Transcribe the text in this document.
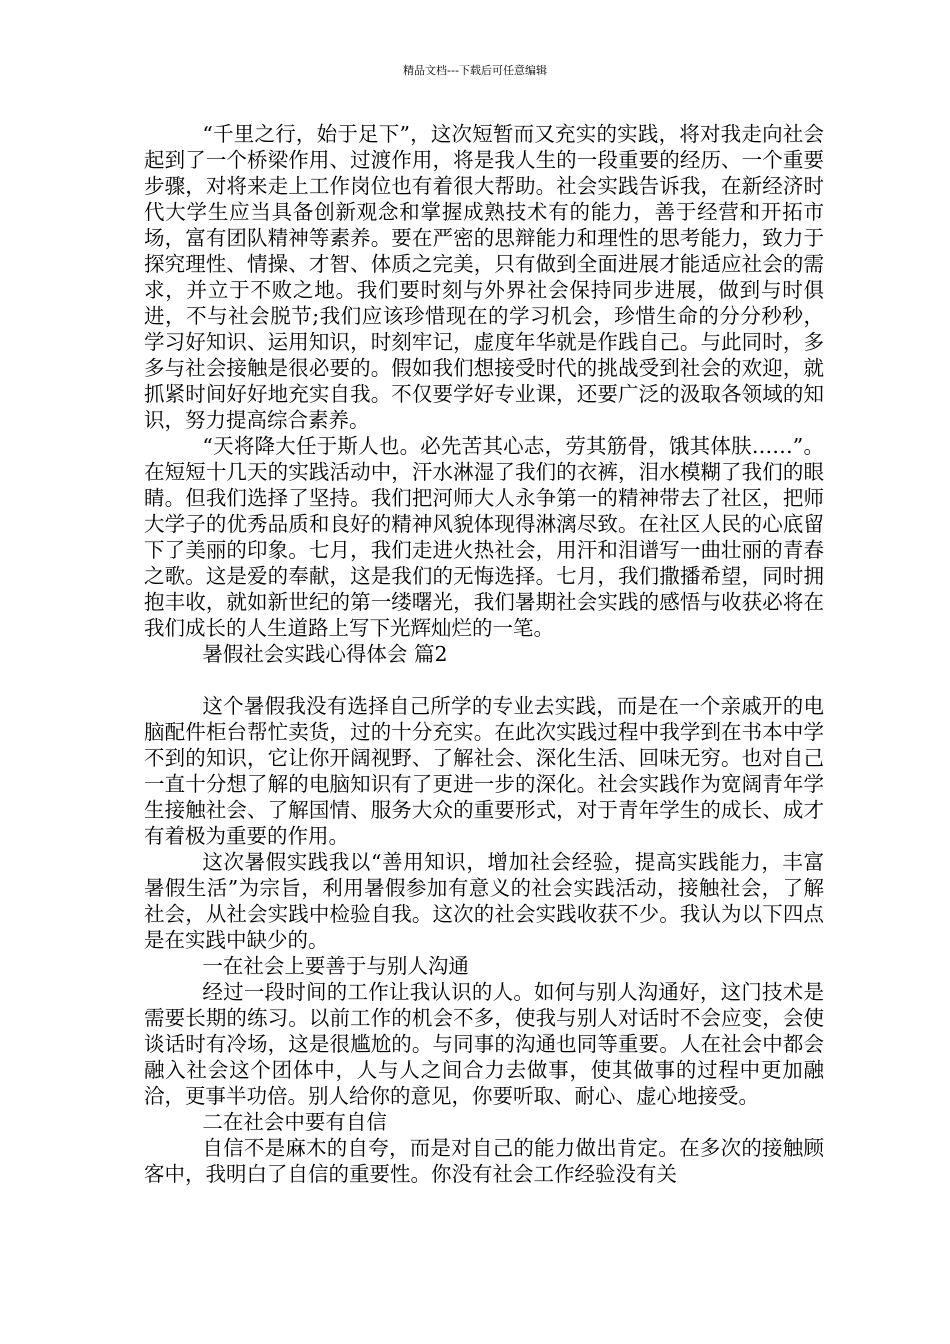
精品文档---下载后可任意编辑

“千里之行，始于足下”，这次短暂而又充实的实践，将对我走向社会起到了一个桥梁作用、过渡作用，将是我人生的一段重要的经历、一个重要步骤，对将来走上工作岗位也有着很大帮助。社会实践告诉我，在新经济时代大学生应当具备创新观念和掌握成熟技术有的能力，善于经营和开拓市场，富有团队精神等素养。要在严密的思辩能力和理性的思考能力，致力于探究理性、情操、才智、体质之完美，只有做到全面进展才能适应社会的需求，并立于不败之地。我们要时刻与外界社会保持同步进展，做到与时俱进，不与社会脱节;我们应该珍惜现在的学习机会，珍惜生命的分分秒秒，学习好知识、运用知识，时刻牢记，虚度年华就是作践自己。与此同时，多多与社会接触是很必要的。假如我们想接受时代的挑战受到社会的欢迎，就抓紧时间好好地充实自我。不仅要学好专业课，还要广泛的汲取各领域的知识，努力提高综合素养。

“天将降大任于斯人也。必先苦其心志，劳其筋骨，饿其体肤……”。在短短十几天的实践活动中，汗水淋湿了我们的衣裤，泪水模糊了我们的眼睛。但我们选择了坚持。我们把河师大人永争第一的精神带去了社区，把师大学子的优秀品质和良好的精神风貌体现得淋漓尽致。在社区人民的心底留下了美丽的印象。七月，我们走进火热社会，用汗和泪谱写一曲壮丽的青春之歌。这是爱的奉献，这是我们的无悔选择。七月，我们撒播希望，同时拥抱丰收，就如新世纪的第一缕曙光，我们暑期社会实践的感悟与收获必将在我们成长的人生道路上写下光辉灿烂的一笔。

暑假社会实践心得体会 篇2

这个暑假我没有选择自己所学的专业去实践，而是在一个亲戚开的电脑配件柜台帮忙卖货，过的十分充实。在此次实践过程中我学到在书本中学不到的知识，它让你开阔视野、了解社会、深化生活、回味无穷。也对自己一直十分想了解的电脑知识有了更进一步的深化。社会实践作为宽阔青年学生接触社会、了解国情、服务大众的重要形式，对于青年学生的成长、成才有着极为重要的作用。

这次暑假实践我以“善用知识，增加社会经验，提高实践能力，丰富暑假生活”为宗旨，利用暑假参加有意义的社会实践活动，接触社会，了解社会，从社会实践中检验自我。这次的社会实践收获不少。我认为以下四点是在实践中缺少的。

一在社会上要善于与别人沟通

经过一段时间的工作让我认识的人。如何与别人沟通好，这门技术是需要长期的练习。以前工作的机会不多，使我与别人对话时不会应变，会使谈话时有冷场，这是很尴尬的。与同事的沟通也同等重要。人在社会中都会融入社会这个团体中，人与人之间合力去做事，使其做事的过程中更加融洽，更事半功倍。别人给你的意见，你要听取、耐心、虚心地接受。

二在社会中要有自信

自信不是麻木的自夸，而是对自己的能力做出肯定。在多次的接触顾客中，我明白了自信的重要性。你没有社会工作经验没有关
